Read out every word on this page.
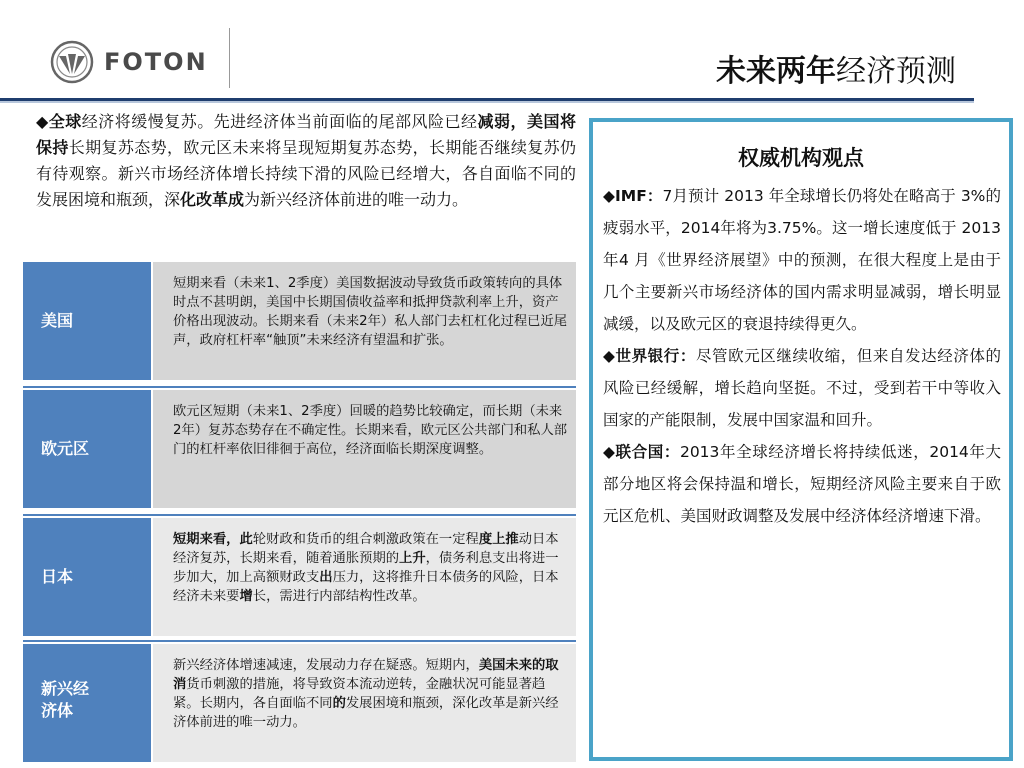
FOTON	未来两年经济预测
◆全球经济将缓慢复苏。先进经济体当前面临的尾部风险已经减弱，美国将保持长期复苏态势，欧元区未来将呈现短期复苏态势，长期能否继续复苏仍有待观察。新兴市场经济体增长持续下滑的风险已经增大，各自面临不同的发展困境和瓶颈，深化改革成为新兴经济体前进的唯一动力。
美国
短期来看（未来1、2季度）美国数据波动导致货币政策转向的具体时点不甚明朗，美国中长期国债收益率和抵押贷款利率上升，资产价格出现波动。长期来看（未来2年）私人部门去杠杠化过程已近尾声，政府杠杆率“触顶”未来经济有望温和扩张。
欧元区
欧元区短期（未来1、2季度）回暖的趋势比较确定，而长期（未来2年）复苏态势存在不确定性。长期来看，欧元区公共部门和私人部门的杠杆率依旧徘徊于高位，经济面临长期深度调整。
日本
短期来看，此轮财政和货币的组合刺激政策在一定程度上推动日本经济复苏，长期来看，随着通胀预期的上升，债务利息支出将进一步加大，加上高额财政支出压力，这将推升日本债务的风险，日本经济未来要增长，需进行内部结构性改革。
新兴经济体
新兴经济体增速减速，发展动力存在疑惑。短期内，美国未来的取消货币刺激的措施，将导致资本流动逆转，金融状况可能显著趋紧。长期内，各自面临不同的发展困境和瓶颈，深化改革是新兴经济体前进的唯一动力。
权威机构观点
◆IMF：7月预计 2013 年全球增长仍将处在略高于 3%的疲弱水平，2014年将为3.75%。这一增长速度低于 2013 年4 月《世界经济展望》中的预测，在很大程度上是由于几个主要新兴市场经济体的国内需求明显减弱，增长明显减缓，以及欧元区的衰退持续得更久。
◆世界银行：尽管欧元区继续收缩，但来自发达经济体的风险已经缓解，增长趋向坚挺。不过，受到若干中等收入国家的产能限制，发展中国家温和回升。
◆联合国：2013年全球经济增长将持续低迷，2014年大部分地区将会保持温和增长，短期经济风险主要来自于欧元区危机、美国财政调整及发展中经济体经济增速下滑。
